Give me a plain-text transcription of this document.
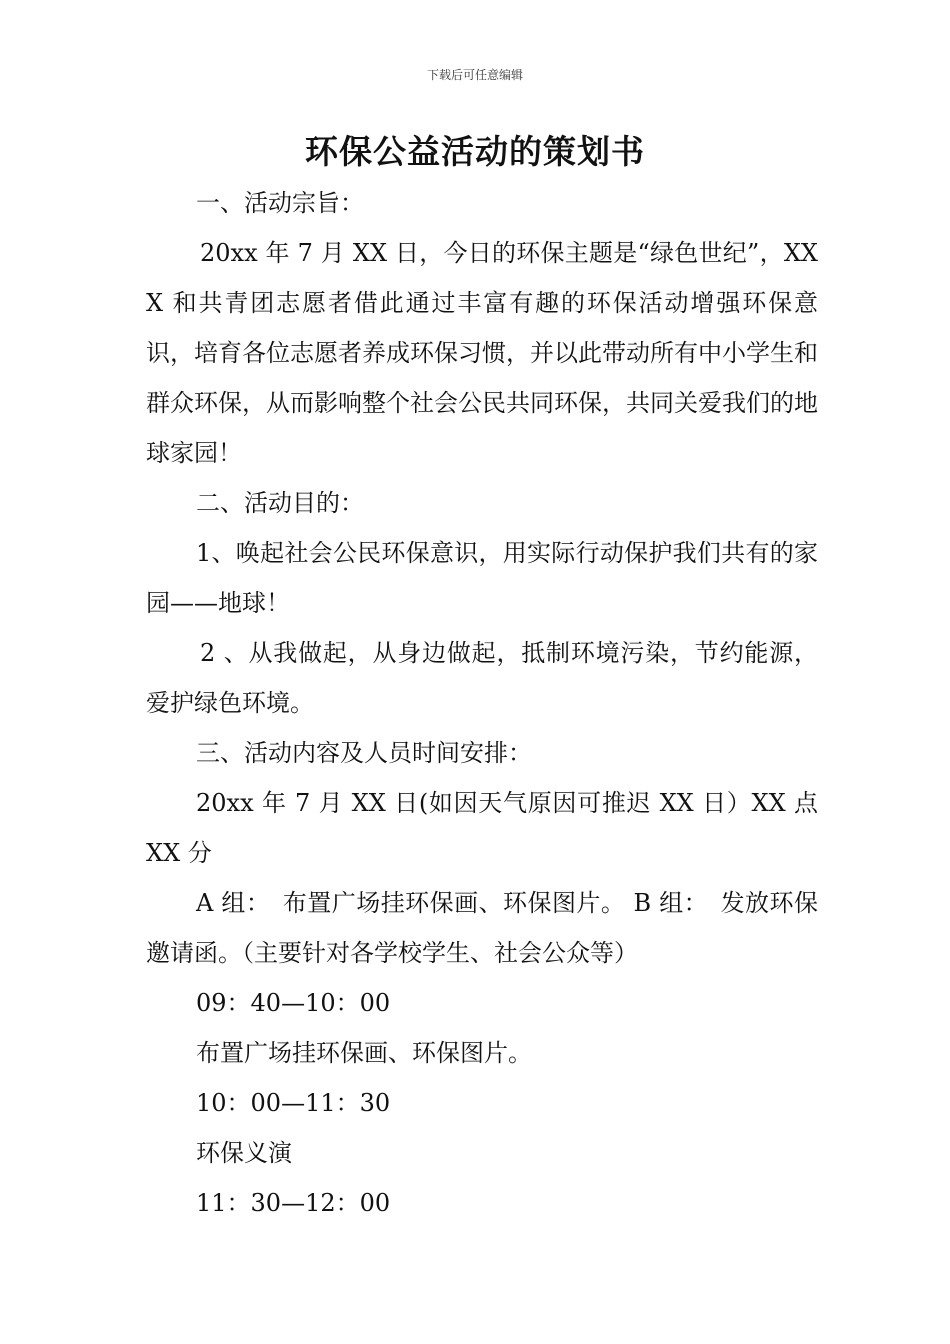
下载后可任意编辑
环保公益活动的策划书

一、活动宗旨：

20xx 年 7 月 XX 日，今日的环保主题是“绿色世纪”，XXX 和共青团志愿者借此通过丰富有趣的环保活动增强环保意识，培育各位志愿者养成环保习惯，并以此带动所有中小学生和群众环保，从而影响整个社会公民共同环保，共同关爱我们的地球家园！

二、活动目的：

1、唤起社会公民环保意识，用实际行动保护我们共有的家园——地球！

2 、从我做起，从身边做起，抵制环境污染，节约能源，爱护绿色环境。

三、活动内容及人员时间安排：

20xx 年 7 月 XX 日(如因天气原因可推迟 XX 日）XX 点 XX 分

A 组：　布置广场挂环保画、环保图片。 B 组：　发放环保邀请函。（主要针对各学校学生、社会公众等）

09：40—10：00

布置广场挂环保画、环保图片。

10：00—11：30

环保义演

11：30—12：00
